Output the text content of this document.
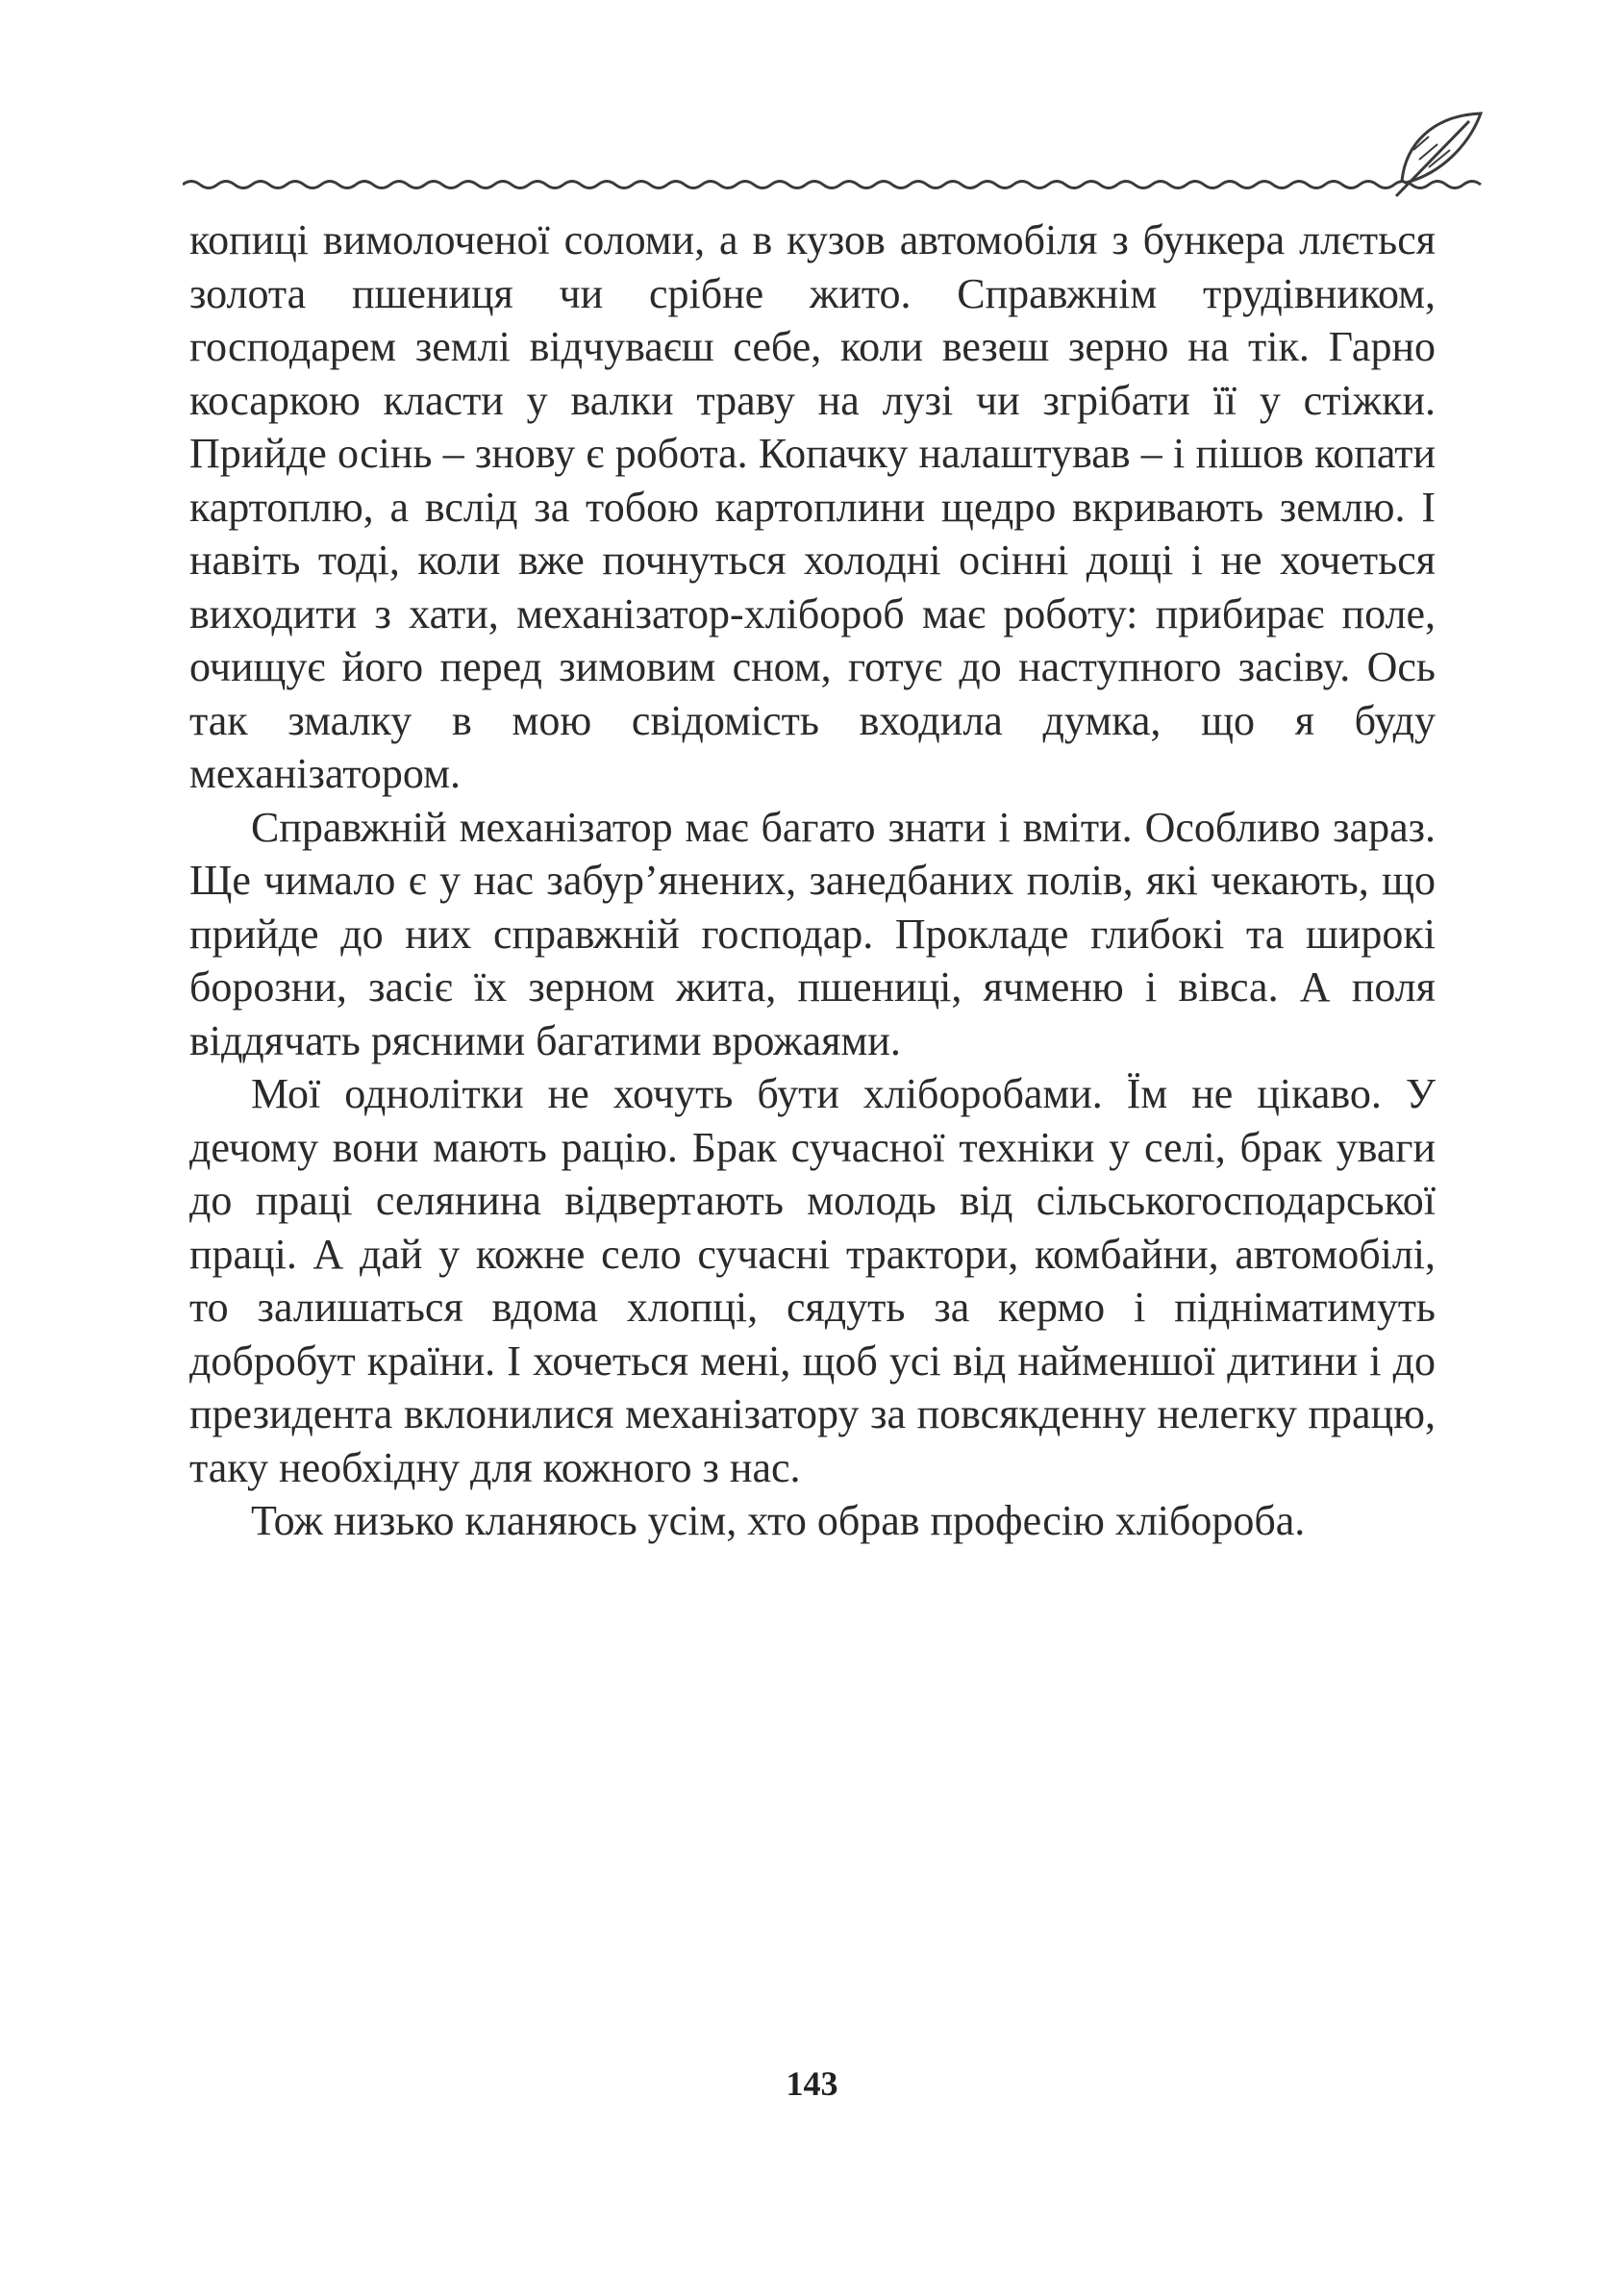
копиці вимолоченої соломи, а в кузов автомобіля з бункера ллється золота пшениця чи срібне жито. Справжнім трудівником, господарем землі відчуваєш себе, коли везеш зерно на тік. Гарно косаркою класти у валки траву на лузі чи згрібати її у стіжки. Прийде осінь – знову є робота. Копачку налаштував – і пішов копати картоплю, а вслід за тобою картоплини щедро вкривають землю. І навіть тоді, коли вже почнуться холодні осінні дощі і не хочеться виходити з хати, механізатор-хлібороб має роботу: прибирає поле, очищує його перед зимовим сном, готує до наступного засіву. Ось так змалку в мою свідомість входила думка, що я буду механізатором.

Справжній механізатор має багато знати і вміти. Особливо зараз. Ще чимало є у нас забур’янених, занедбаних полів, які чекають, що прийде до них справжній господар. Прокладе глибокі та широкі борозни, засіє їх зерном жита, пшениці, ячменю і вівса. А поля віддячать рясними багатими врожаями.

Мої однолітки не хочуть бути хліборобами. Їм не цікаво. У дечому вони мають рацію. Брак сучасної техніки у селі, брак уваги до праці селянина відвертають молодь від сільськогосподарської праці. А дай у кожне село сучасні трактори, комбайни, автомобілі, то залишаться вдома хлопці, сядуть за кермо і підніматимуть добробут країни. І хочеться мені, щоб усі від найменшої дитини і до президента вклонилися механізатору за повсякденну нелегку працю, таку необхідну для кожного з нас.

Тож низько кланяюсь усім, хто обрав професію хлібороба.

143
